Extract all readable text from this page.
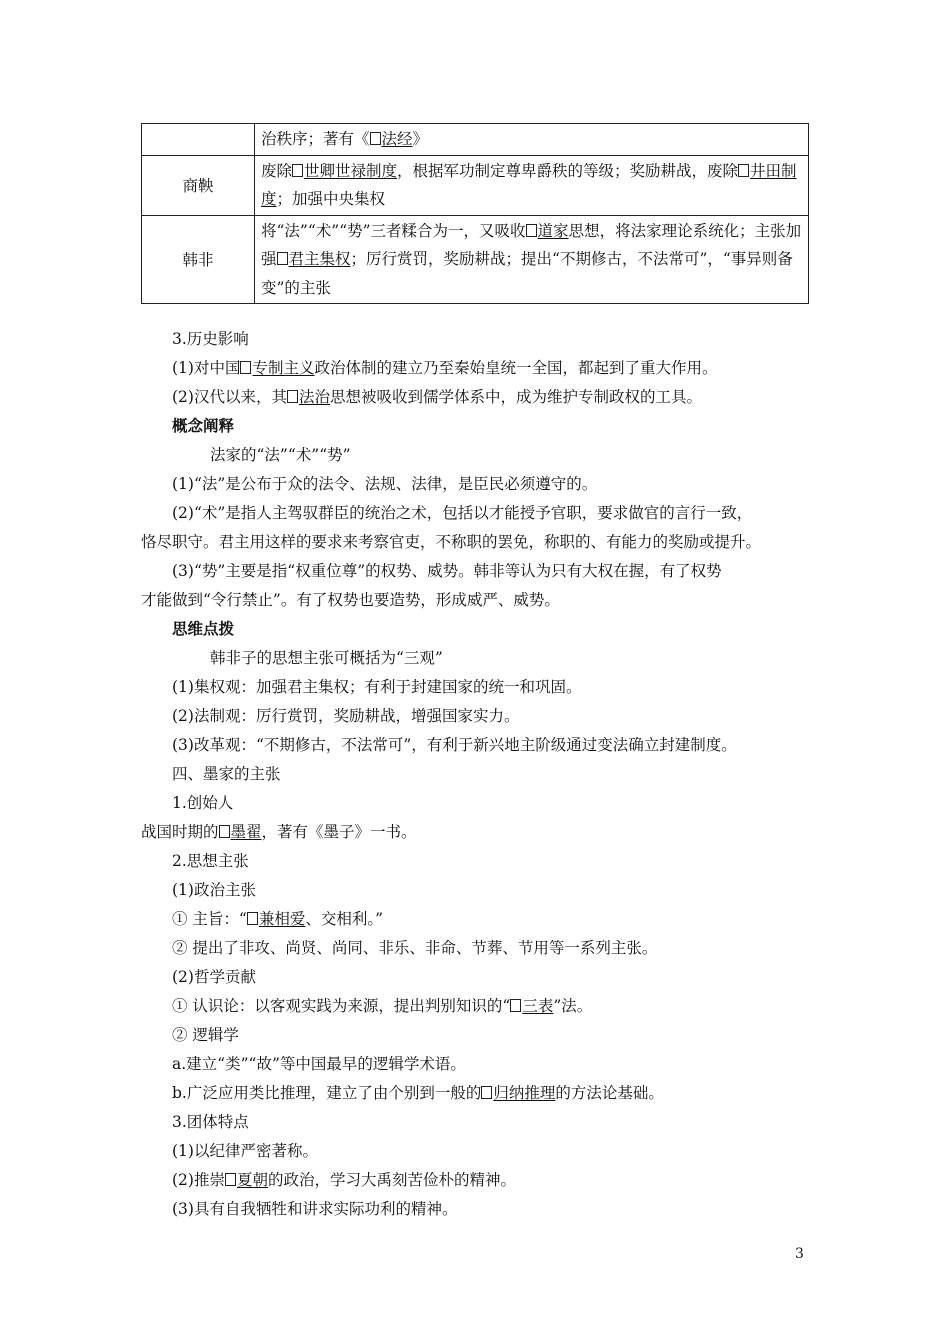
	治秩序；著有《 法经》
商鞅	废除 世卿世禄制度，根据军功制定尊卑爵秩的等级；奖励耕战，废除 井田制度；加强中央集权
韩非	将“法”“术”“势”三者糅合为一，又吸收 道家思想，将法家理论系统化；主张加强 君主集权；厉行赏罚，奖励耕战；提出“不期修古，不法常可”，“事异则备变”的主张
3.历史影响
(1)对中国 专制主义政治体制的建立乃至秦始皇统一全国，都起到了重大作用。
(2)汉代以来，其 法治思想被吸收到儒学体系中，成为维护专制政权的工具。
概念阐释
法家的“法”“术”“势”
(1)“法”是公布于众的法令、法规、法律，是臣民必须遵守的。
(2)“术”是指人主驾驭群臣的统治之术，包括以才能授予官职，要求做官的言行一致，
恪尽职守。君主用这样的要求来考察官吏，不称职的罢免，称职的、有能力的奖励或提升。
(3)“势”主要是指“权重位尊”的权势、威势。韩非等认为只有大权在握，有了权势
才能做到“令行禁止”。有了权势也要造势，形成威严、威势。
思维点拨
韩非子的思想主张可概括为“三观”
(1)集权观：加强君主集权；有利于封建国家的统一和巩固。
(2)法制观：厉行赏罚，奖励耕战，增强国家实力。
(3)改革观：“不期修古，不法常可”，有利于新兴地主阶级通过变法确立封建制度。
四、墨家的主张
1.创始人
战国时期的 墨翟，著有《墨子》一书。
2.思想主张
(1)政治主张
① 主旨：“ 兼相爱、交相利。”
② 提出了非攻、尚贤、尚同、非乐、非命、节葬、节用等一系列主张。
(2)哲学贡献
① 认识论：以客观实践为来源，提出判别知识的“ 三表”法。
② 逻辑学
a.建立“类”“故”等中国最早的逻辑学术语。
b.广泛应用类比推理，建立了由个别到一般的 归纳推理的方法论基础。
3.团体特点
(1)以纪律严密著称。
(2)推崇 夏朝的政治，学习大禹刻苦俭朴的精神。
(3)具有自我牺牲和讲求实际功利的精神。
3
